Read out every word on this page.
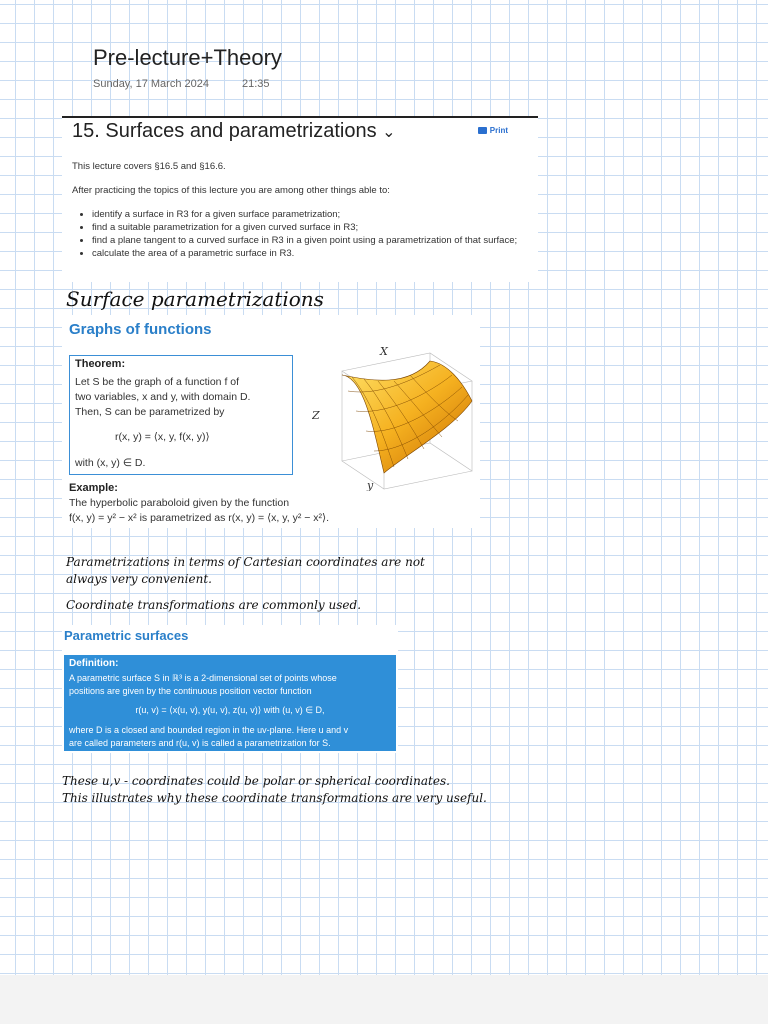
Pre-lecture+Theory
Sunday, 17 March 2024	21:35
15. Surfaces and parametrizations ⌄	Print
This lecture covers §16.5 and §16.6.
After practicing the topics of this lecture you are among other things able to:
• identify a surface in R3 for a given surface parametrization;
• find a suitable parametrization for a given curved surface in R3;
• find a plane tangent to a curved surface in R3 in a given point using a parametrization of that surface;
• calculate the area of a parametric surface in R3.
Surface parametrizations
Graphs of functions
Theorem:
Let S be the graph of a function f of
two variables, x and y, with domain D.
Then, S can be parametrized by
r(x, y) = ⟨x, y, f(x, y)⟩
with (x, y) ∈ D.
X
y
Z
Example:
The hyperbolic paraboloid given by the function
f(x, y) = y² − x² is parametrized as r(x, y) = ⟨x, y, y² − x²⟩.
Parametrizations in terms of Cartesian coordinates are not
always very convenient.
Coordinate transformations are commonly used.
Parametric surfaces
Definition:
A parametric surface S in ℝ³ is a 2-dimensional set of points whose
positions are given by the continuous position vector function
r(u, v) = ⟨x(u, v), y(u, v), z(u, v)⟩ with (u, v) ∈ D,
where D is a closed and bounded region in the uv-plane. Here u and v
are called parameters and r(u, v) is called a parametrization for S.
These u,v - coordinates could be polar or spherical coordinates.
This illustrates why these coordinate transformations are very useful.
